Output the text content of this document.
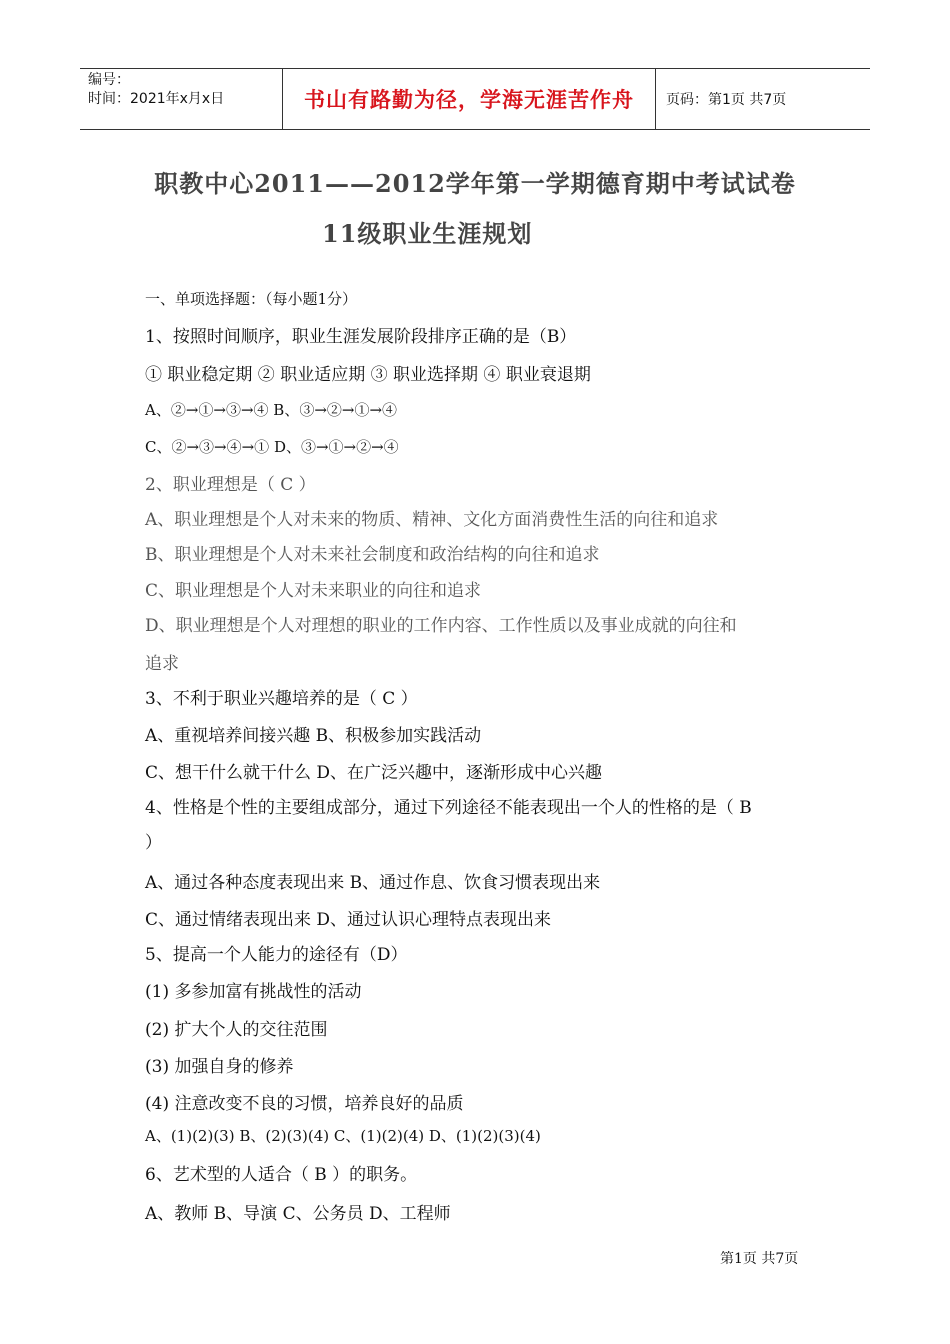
编号：
时间：2021年x月x日	书山有路勤为径，学海无涯苦作舟	页码：第1页 共7页
职教中心2011——2012学年第一学期德育期中考试试卷
11级职业生涯规划
一、单项选择题：（每小题1分）
1、按照时间顺序，职业生涯发展阶段排序正确的是（B）
① 职业稳定期 ② 职业适应期 ③ 职业选择期 ④ 职业衰退期
A、②→①→③→④ B、③→②→①→④
C、②→③→④→① D、③→①→②→④
2、职业理想是（ C ）
A、职业理想是个人对未来的物质、精神、文化方面消费性生活的向往和追求
B、职业理想是个人对未来社会制度和政治结构的向往和追求
C、职业理想是个人对未来职业的向往和追求
D、职业理想是个人对理想的职业的工作内容、工作性质以及事业成就的向往和
追求
3、不利于职业兴趣培养的是（ C ）
A、重视培养间接兴趣 B、积极参加实践活动
C、想干什么就干什么 D、在广泛兴趣中，逐渐形成中心兴趣
4、性格是个性的主要组成部分，通过下列途径不能表现出一个人的性格的是（ B
）
A、通过各种态度表现出来 B、通过作息、饮食习惯表现出来
C、通过情绪表现出来 D、通过认识心理特点表现出来
5、提高一个人能力的途径有（D）
(1) 多参加富有挑战性的活动
(2) 扩大个人的交往范围
(3) 加强自身的修养
(4) 注意改变不良的习惯，培养良好的品质
A、(1)(2)(3) B、(2)(3)(4) C、(1)(2)(4) D、(1)(2)(3)(4)
6、艺术型的人适合（ B ）的职务。
A、教师 B、导演 C、公务员 D、工程师
第1页 共7页
